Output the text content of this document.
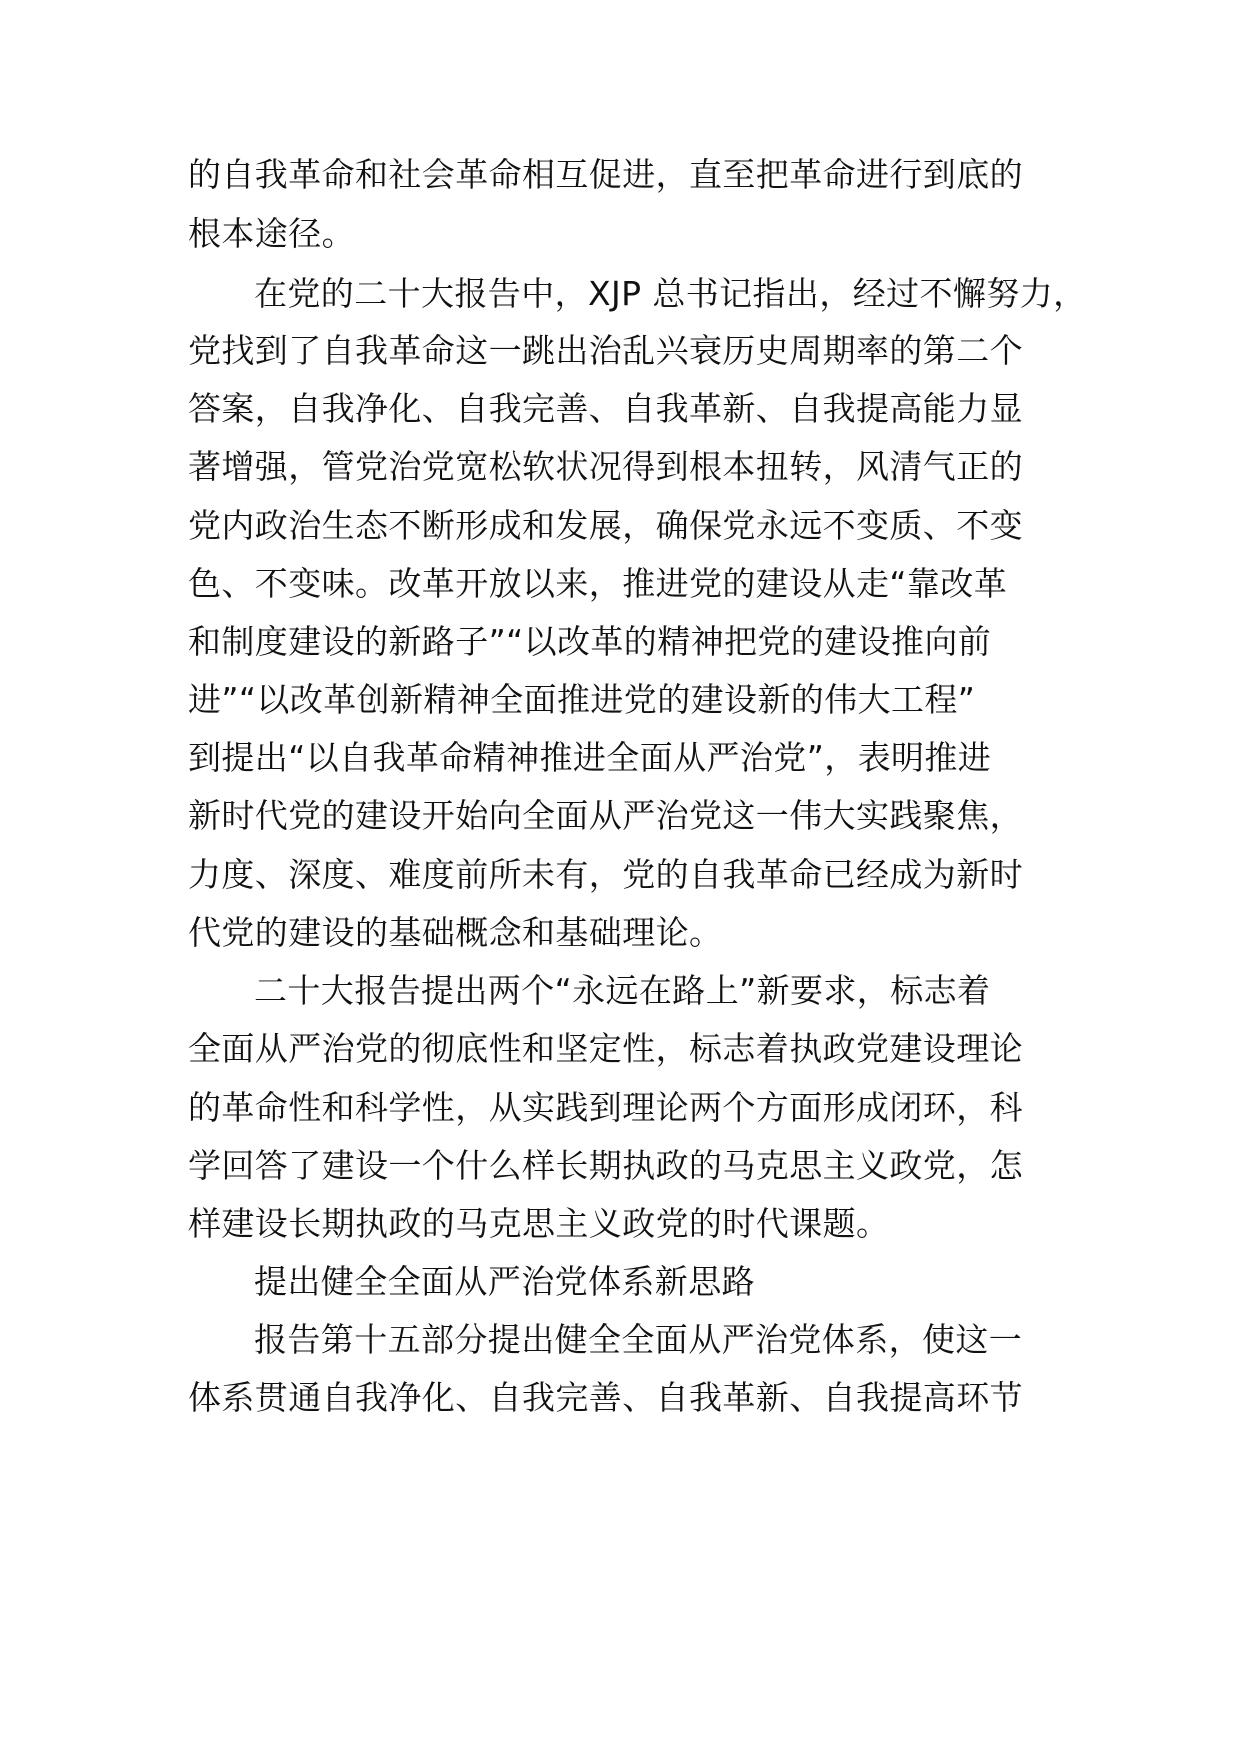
的自我革命和社会革命相互促进，直至把革命进行到底的
根本途径。
在党的二十大报告中，XJP 总书记指出，经过不懈努力，
党找到了自我革命这一跳出治乱兴衰历史周期率的第二个
答案，自我净化、自我完善、自我革新、自我提高能力显
著增强，管党治党宽松软状况得到根本扭转，风清气正的
党内政治生态不断形成和发展，确保党永远不变质、不变
色、不变味。改革开放以来，推进党的建设从走“靠改革
和制度建设的新路子”“以改革的精神把党的建设推向前
进”“以改革创新精神全面推进党的建设新的伟大工程”
到提出“以自我革命精神推进全面从严治党”，表明推进
新时代党的建设开始向全面从严治党这一伟大实践聚焦，
力度、深度、难度前所未有，党的自我革命已经成为新时
代党的建设的基础概念和基础理论。
二十大报告提出两个“永远在路上”新要求，标志着
全面从严治党的彻底性和坚定性，标志着执政党建设理论
的革命性和科学性，从实践到理论两个方面形成闭环，科
学回答了建设一个什么样长期执政的马克思主义政党，怎
样建设长期执政的马克思主义政党的时代课题。
提出健全全面从严治党体系新思路
报告第十五部分提出健全全面从严治党体系，使这一
体系贯通自我净化、自我完善、自我革新、自我提高环节
